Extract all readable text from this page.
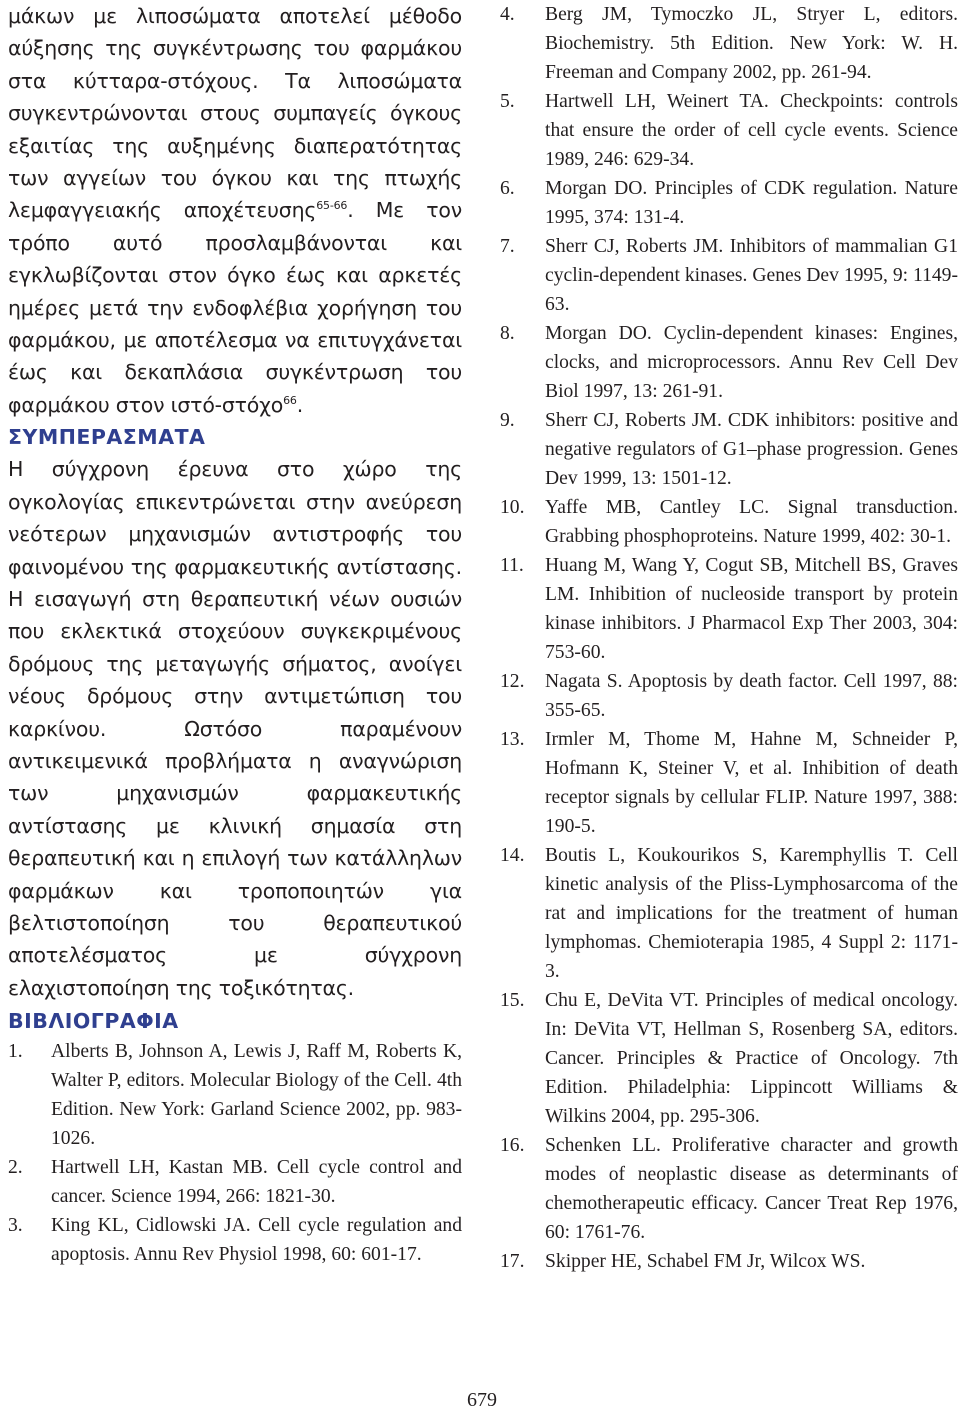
μάκων με λιποσώματα αποτελεί μέθοδο αύξησης της συγκέντρωσης του φαρμάκου στα κύτταρα-στόχους. Τα λιποσώματα συγκεντρώνονται στους συμπαγείς όγκους εξαιτίας της αυξημένης διαπερατότητας των αγγείων του όγκου και της πτωχής λεμφαγγειακής αποχέτευσης$^{65-66}$. Με τον τρόπο αυτό προσλαμβάνονται και εγκλωβίζονται στον όγκο έως και αρκετές ημέρες μετά την ενδοφλέβια χορήγηση του φαρμάκου, με αποτέλεσμα να επιτυγχάνεται έως και δεκαπλάσια συγκέντρωση του φαρμάκου στον ιστό-στόχο$^{66}$.

ΣΥΜΠΕΡΑΣΜΑΤΑ

Η σύγχρονη έρευνα στο χώρο της ογκολογίας επικεντρώνεται στην ανεύρεση νεότερων μηχανισμών αντιστροφής του φαινομένου της φαρμακευτικής αντίστασης. Η εισαγωγή στη θεραπευτική νέων ουσιών που εκλεκτικά στοχεύουν συγκεκριμένους δρόμους της μεταγωγής σήματος, ανοίγει νέους δρόμους στην αντιμετώπιση του καρκίνου. Ωστόσο παραμένουν αντικειμενικά προβλήματα η αναγνώριση των μηχανισμών φαρμακευτικής αντίστασης με κλινική σημασία στη θεραπευτική και η επιλογή των κατάλληλων φαρμάκων και τροποποιητών για βελτιστοποίηση του θεραπευτικού αποτελέσματος με σύγχρονη ελαχιστοποίηση της τοξικότητας.

ΒΙΒΛΙΟΓΡΑΦΙΑ
1.	Alberts B, Johnson A, Lewis J, Raff M, Roberts K, Walter P, editors. Molecular Biology of the Cell. 4th Edition. New York: Garland Science 2002, pp. 983-1026.
2.	Hartwell LH, Kastan MB. Cell cycle control and cancer. Science 1994, 266: 1821-30.
3.	King KL, Cidlowski JA. Cell cycle regulation and apoptosis. Annu Rev Physiol 1998, 60: 601-17.
4.	Berg JM, Tymoczko JL, Stryer L, editors. Biochemistry. 5th Edition. New York: W. H. Freeman and Company 2002, pp. 261-94.
5.	Hartwell LH, Weinert TA. Checkpoints: controls that ensure the order of cell cycle events. Science 1989, 246: 629-34.
6.	Morgan DO. Principles of CDK regulation. Nature 1995, 374: 131-4.
7.	Sherr CJ, Roberts JM. Inhibitors of mammalian G1 cyclin-dependent kinases. Genes Dev 1995, 9: 1149-63.
8.	Morgan DO. Cyclin-dependent kinases: Engines, clocks, and microprocessors. Annu Rev Cell Dev Biol 1997, 13: 261-91.
9.	Sherr CJ, Roberts JM. CDK inhibitors: positive and negative regulators of G1–phase progression. Genes Dev 1999, 13: 1501-12.
10.	Yaffe MB, Cantley LC. Signal transduction. Grabbing phosphoproteins. Nature 1999, 402: 30-1.
11.	Huang M, Wang Y, Cogut SB, Mitchell BS, Graves LM. Inhibition of nucleoside transport by protein kinase inhibitors. J Pharmacol Exp Ther 2003, 304: 753-60.
12.	Nagata S. Apoptosis by death factor. Cell 1997, 88: 355-65.
13.	Irmler M, Thome M, Hahne M, Schneider P, Hofmann K, Steiner V, et al. Inhibition of death receptor signals by cellular FLIP. Nature 1997, 388: 190-5.
14.	Boutis L, Koukourikos S, Karemphyllis T. Cell kinetic analysis of the Pliss-Lymphosarcoma of the rat and implications for the treatment of human lymphomas. Chemioterapia 1985, 4 Suppl 2: 1171-3.
15.	Chu E, DeVita VT. Principles of medical oncology. In: DeVita VT, Hellman S, Rosenberg SA, editors. Cancer. Principles & Practice of Oncology. 7th Edition. Philadelphia: Lippincott Williams & Wilkins 2004, pp. 295-306.
16.	Schenken LL. Proliferative character and growth modes of neoplastic disease as determinants of chemotherapeutic efficacy. Cancer Treat Rep 1976, 60: 1761-76.
17.	Skipper HE, Schabel FM Jr, Wilcox WS.
679
